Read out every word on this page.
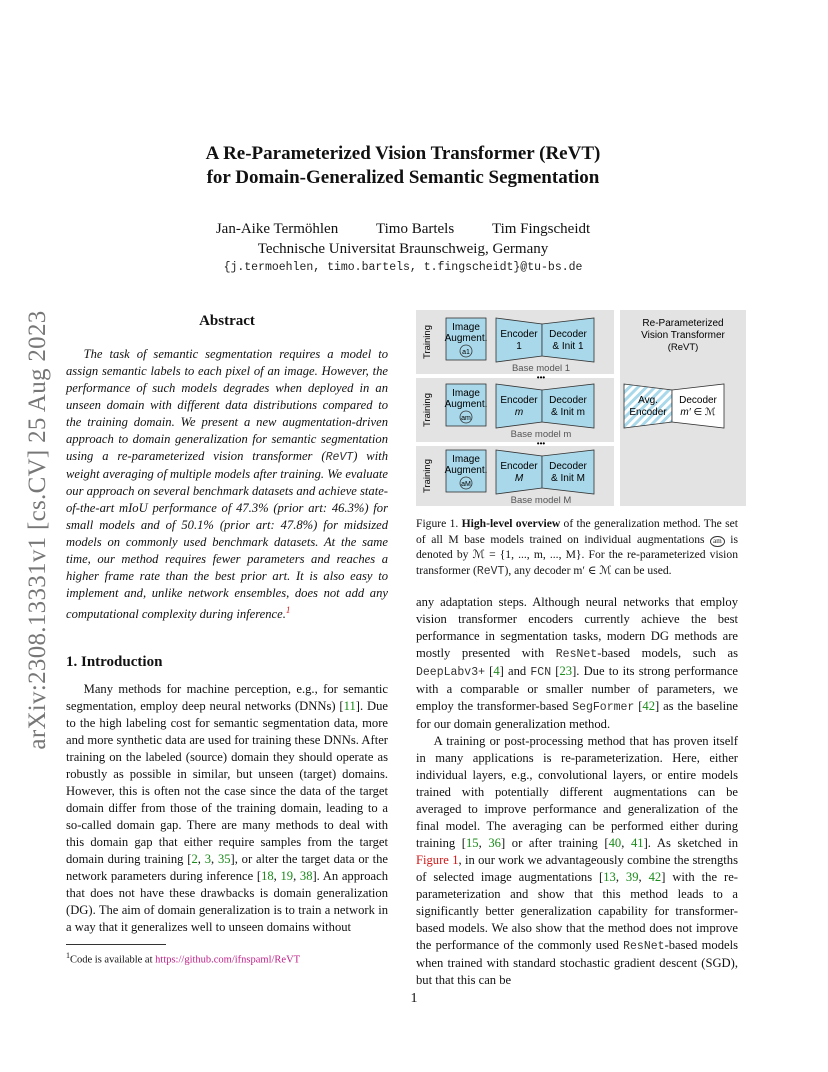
arXiv:2308.13331v1 [cs.CV] 25 Aug 2023
A Re-Parameterized Vision Transformer (ReVT)
for Domain-Generalized Semantic Segmentation
Jan-Aike Termöhlen	Timo Bartels	Tim Fingscheidt
Technische Universitat Braunschweig, Germany
{j.termoehlen, timo.bartels, t.fingscheidt}@tu-bs.de
Abstract

The task of semantic segmentation requires a model to assign semantic labels to each pixel of an image. However, the performance of such models degrades when deployed in an unseen domain with different data distributions compared to the training domain. We present a new augmentation-driven approach to domain generalization for semantic segmentation using a re-parameterized vision transformer (ReVT) with weight averaging of multiple models after training. We evaluate our approach on several benchmark datasets and achieve state-of-the-art mIoU performance of 47.3% (prior art: 46.3%) for small models and of 50.1% (prior art: 47.8%) for midsized models on commonly used benchmark datasets. At the same time, our method requires fewer parameters and reaches a higher frame rate than the best prior art. It is also easy to implement and, unlike network ensembles, does not add any computational complexity during inference.$^1$

1. Introduction

Many methods for machine perception, e.g., for semantic segmentation, employ deep neural networks (DNNs) [11]. Due to the high labeling cost for semantic segmentation data, more and more synthetic data are used for training these DNNs. After training on the labeled (source) domain they should operate as robustly as possible in similar, but unseen (target) domains. However, this is often not the case since the data of the target domain differ from those of the training domain, leading to a so-called domain gap. There are many methods to deal with this domain gap that either require samples from the target domain during training [2, 3, 35], or alter the target data or the network parameters during inference [18, 19, 38]. An approach that does not have these drawbacks is domain generalization (DG). The aim of domain generalization is to train a network in a way that it generalizes well to unseen domains without

Training Image
Augment.
a1
Encoder
1
Decoder
& Init 1
Base model 1
•••
Training Image
Augment.
am
Encoder
m
Decoder
& Init m
Base model m
•••
Training Image
Augment.
aM
Encoder
M
Decoder
& Init M
Base model M
Re-Parameterized
Vision Transformer
(ReVT)
Avg.
Encoder
Decoder
m′ ∈ ℳ
Figure 1. High-level overview of the generalization method. The set of all M base models trained on individual augmentations am is denoted by ℳ = {1, ..., m, ..., M}. For the re-parameterized vision transformer (ReVT), any decoder m′ ∈ ℳ can be used.

any adaptation steps. Although neural networks that employ vision transformer encoders currently achieve the best performance in segmentation tasks, modern DG methods are mostly presented with ResNet-based models, such as DeepLabv3+ [4] and FCN [23]. Due to its strong performance with a comparable or smaller number of parameters, we employ the transformer-based SegFormer [42] as the baseline for our domain generalization method.

A training or post-processing method that has proven itself in many applications is re-parameterization. Here, either individual layers, e.g., convolutional layers, or entire models trained with potentially different augmentations can be averaged to improve performance and generalization of the final model. The averaging can be performed either during training [15, 36] or after training [40, 41]. As sketched in Figure 1, in our work we advantageously combine the strengths of selected image augmentations [13, 39, 42] with the re-parameterization and show that this method leads to a significantly better generalization capability for transformer-based models. We also show that the method does not improve the performance of the commonly used ResNet-based models when trained with standard stochastic gradient descent (SGD), but that this can be

$^1$Code is available at https://github.com/ifnspaml/ReVT
1
